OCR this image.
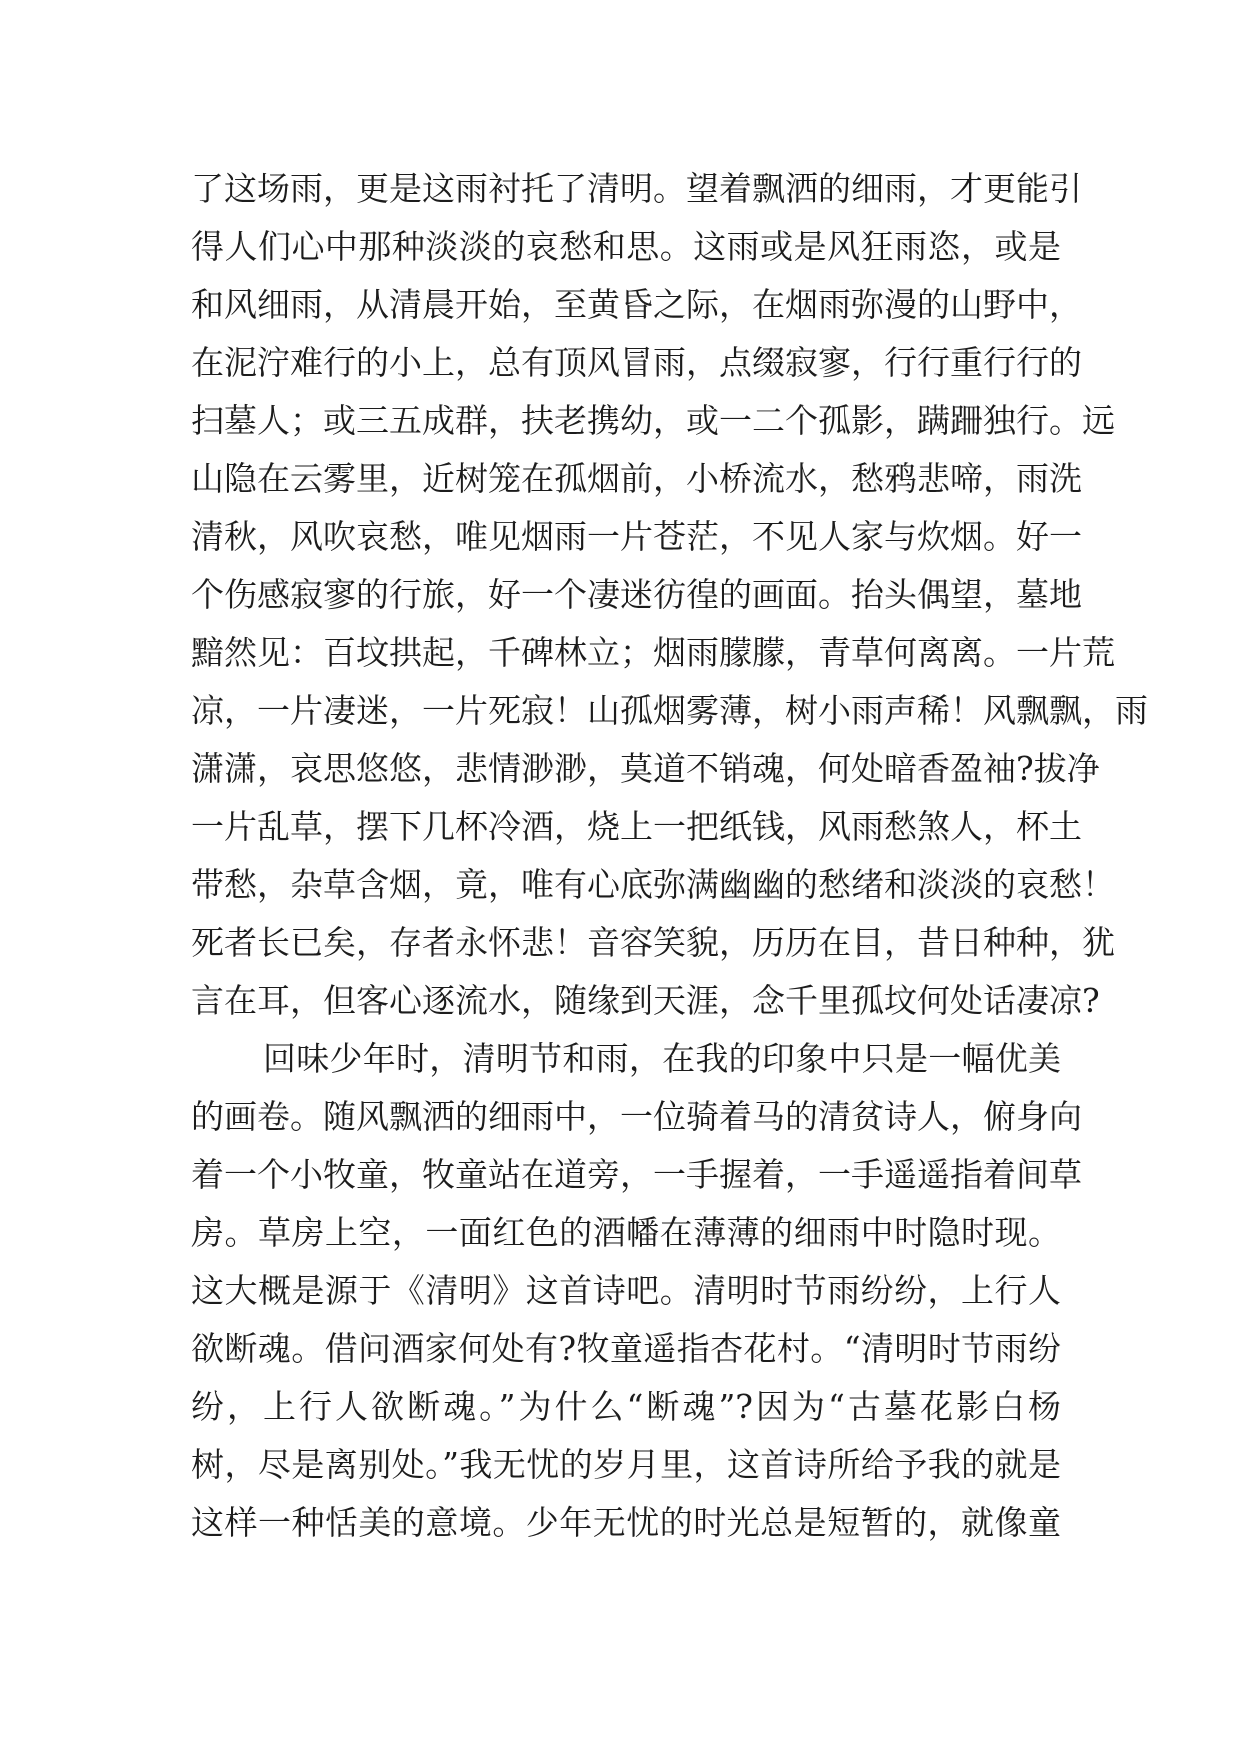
了这场雨，更是这雨衬托了清明。望着飘洒的细雨，才更能引
得人们心中那种淡淡的哀愁和思。这雨或是风狂雨恣，或是
和风细雨，从清晨开始，至黄昏之际，在烟雨弥漫的山野中，
在泥泞难行的小上，总有顶风冒雨，点缀寂寥，行行重行行的
扫墓人；或三五成群，扶老携幼，或一二个孤影，蹒跚独行。远
山隐在云雾里，近树笼在孤烟前，小桥流水，愁鸦悲啼，雨洗
清秋，风吹哀愁，唯见烟雨一片苍茫，不见人家与炊烟。好一
个伤感寂寥的行旅，好一个凄迷彷徨的画面。抬头偶望，墓地
黯然见：百坟拱起，千碑林立；烟雨朦朦，青草何离离。一片荒
凉，一片凄迷，一片死寂！山孤烟雾薄，树小雨声稀！风飘飘，雨
潇潇，哀思悠悠，悲情渺渺，莫道不销魂，何处暗香盈袖?拔净
一片乱草，摆下几杯冷酒，烧上一把纸钱，风雨愁煞人，杯土
带愁，杂草含烟，竟，唯有心底弥满幽幽的愁绪和淡淡的哀愁！
死者长已矣，存者永怀悲！音容笑貌，历历在目，昔日种种，犹
言在耳，但客心逐流水，随缘到天涯，念千里孤坟何处话凄凉?
回味少年时，清明节和雨，在我的印象中只是一幅优美
的画卷。随风飘洒的细雨中，一位骑着马的清贫诗人，俯身向
着一个小牧童，牧童站在道旁，一手握着，一手遥遥指着间草
房。草房上空，一面红色的酒幡在薄薄的细雨中时隐时现。
这大概是源于《清明》这首诗吧。清明时节雨纷纷，上行人
欲断魂。借问酒家何处有?牧童遥指杏花村。“清明时节雨纷
纷，上行人欲断魂。”为什么“断魂”?因为“古墓花影白杨
树，尽是离别处。”我无忧的岁月里，这首诗所给予我的就是
这样一种恬美的意境。少年无忧的时光总是短暂的，就像童
